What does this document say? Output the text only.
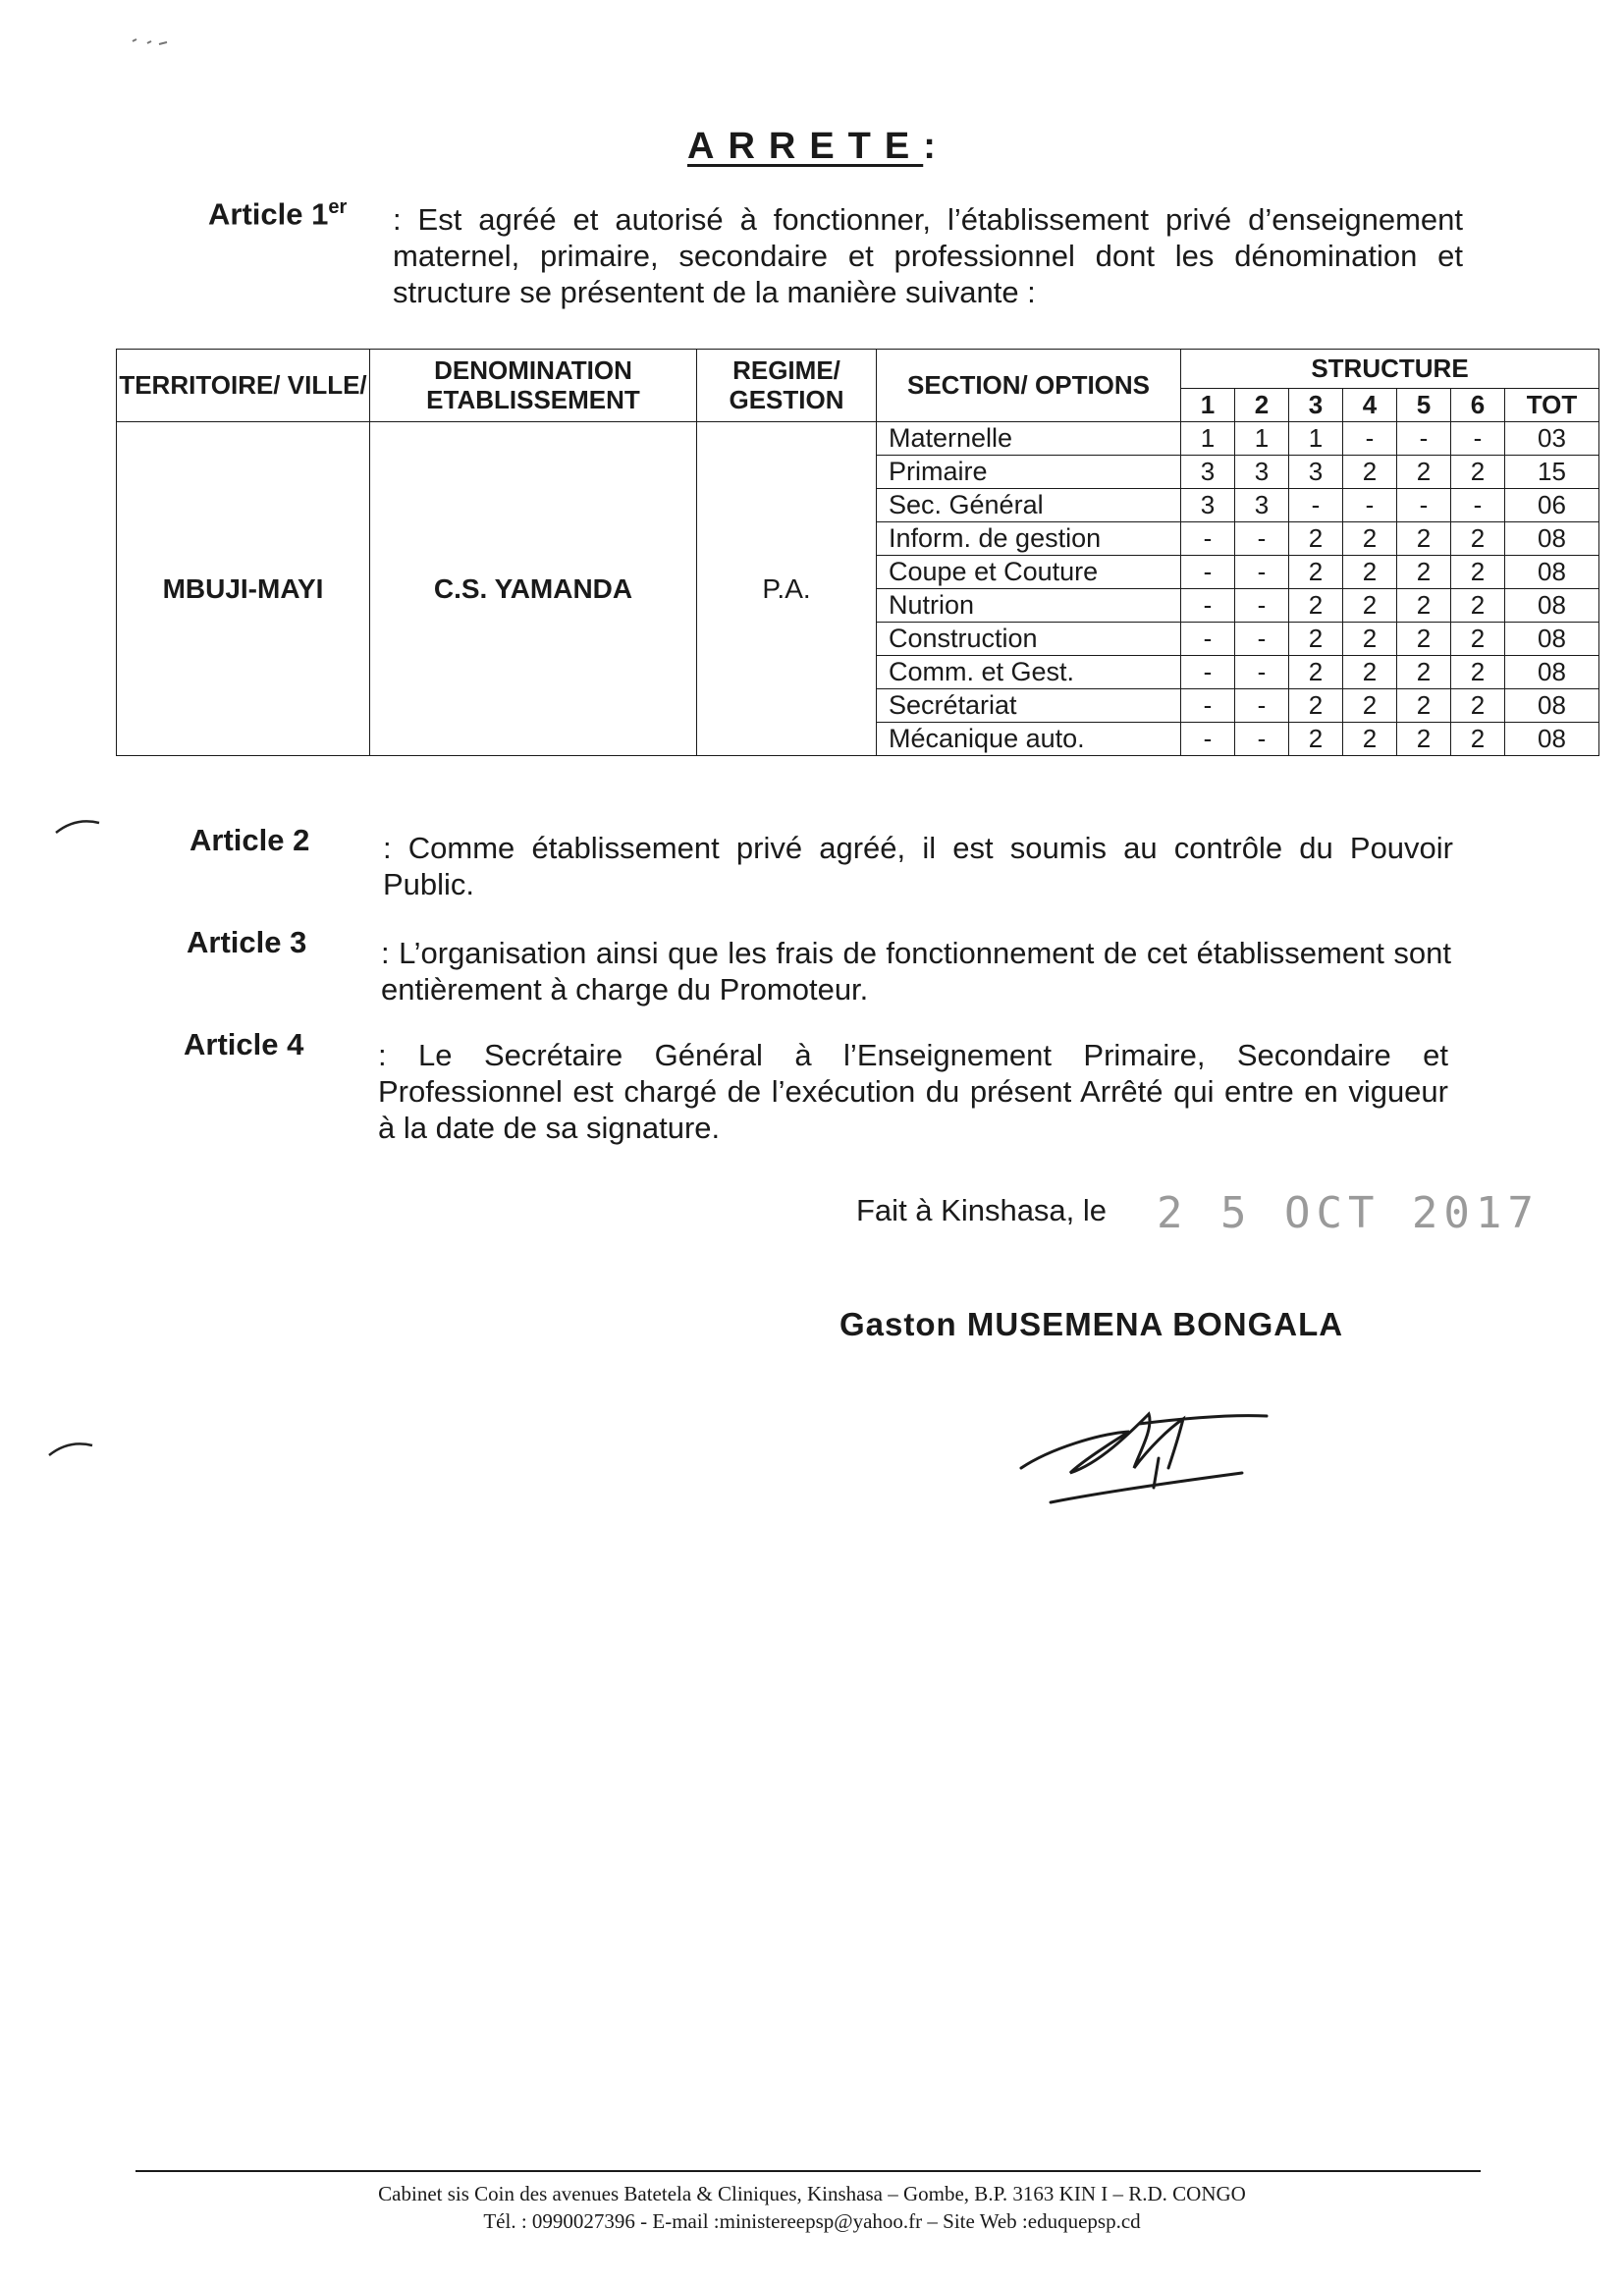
ARRETE:
Article 1er : Est agréé et autorisé à fonctionner, l’établissement privé d’enseignement maternel, primaire, secondaire et professionnel dont les dénomination et structure se présentent de la manière suivante :
TERRITOIRE/ VILLE/	DENOMINATION ETABLISSEMENT	REGIME/ GESTION	SECTION/ OPTIONS	STRUCTURE						
				1	2	3	4	5	6	TOT
MBUJI-MAYI	C.S. YAMANDA	P.A.	Maternelle	1	1	1	-	-	-	03
			Primaire	3	3	3	2	2	2	15
			Sec. Général	3	3	-	-	-	-	06
			Inform. de gestion	-	-	2	2	2	2	08
			Coupe et Couture	-	-	2	2	2	2	08
			Nutrion	-	-	2	2	2	2	08
			Construction	-	-	2	2	2	2	08
			Comm. et Gest.	-	-	2	2	2	2	08
			Secrétariat	-	-	2	2	2	2	08
			Mécanique auto.	-	-	2	2	2	2	08
Article 2 : Comme établissement privé agréé, il est soumis au contrôle du Pouvoir Public.
Article 3 : L’organisation ainsi que les frais de fonctionnement de cet établissement sont entièrement à charge du Promoteur.
Article 4 : Le Secrétaire Général à l’Enseignement Primaire, Secondaire et Professionnel est chargé de l’exécution du présent Arrêté qui entre en vigueur à la date de sa signature.
Fait à Kinshasa, le 2 5 OCT 2017
Gaston MUSEMENA BONGALA
Cabinet sis Coin des avenues Batetela & Cliniques, Kinshasa – Gombe, B.P. 3163 KIN I – R.D. CONGO
Tél. : 0990027396 - E-mail :ministereepsp@yahoo.fr – Site Web :eduquepsp.cd
